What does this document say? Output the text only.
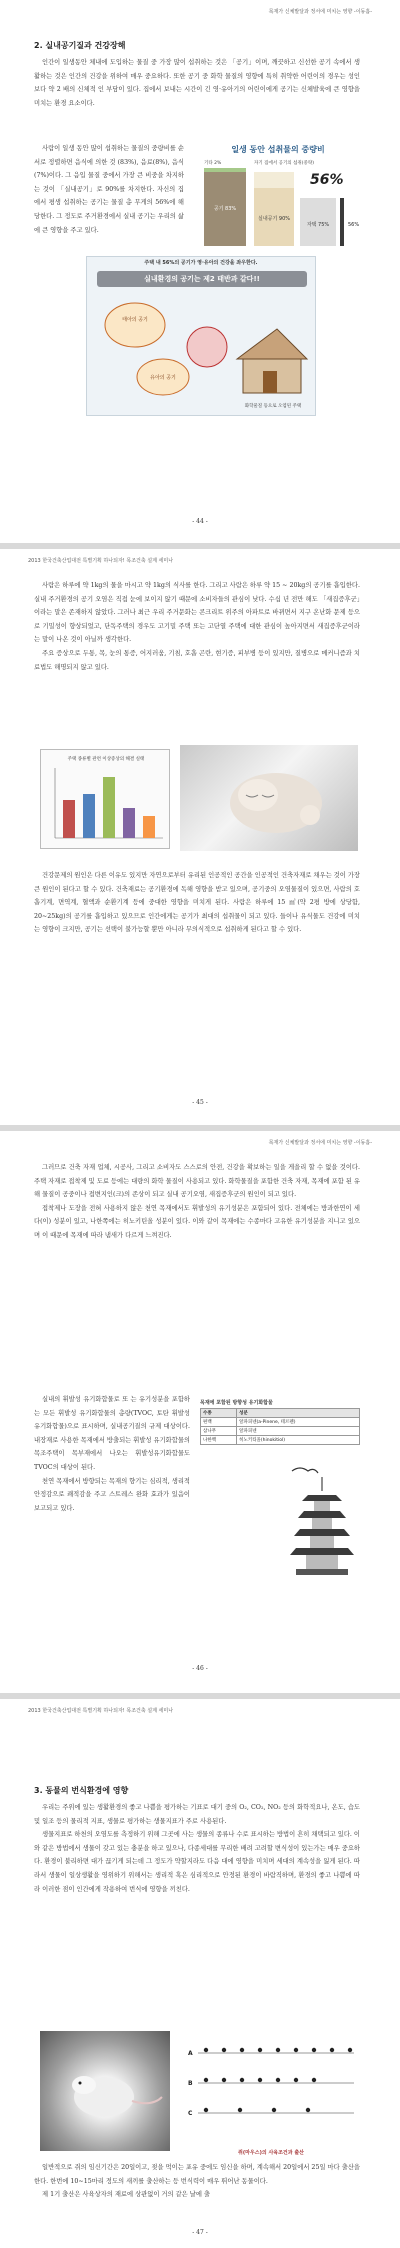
목재가 신체발달과 정서에 미치는 영향 -이동흡-
2. 실내공기질과 건강장해

인간이 일생동안 체내에 도입하는 물질 중 가장 많이 섭취하는 것은 「공기」이며, 깨끗하고 신선한 공기 속에서 생활하는 것은 인간의 건강을 위하여 매우 중요하다. 또한 공기 중 화학 물질의 영향에 특히 취약한 어린이의 경우는 성인보다 약 2 배의 신체적 인 부담이 있다. 집에서 보내는 시간이 긴 영·유아기의 어린이에게 공기는 신체발육에 큰 영향을 미치는 환경 요소이다.

사람이 일생 동안 많이 섭취하는 물질의 중량비를 순서로 정렬하면 음식에 의한 것 (83%), 음료(8%), 음식(7%)이다. 그 음입 물질 중에서 가장 큰 비중을 차지하는 것이 「실내공기」로 90%를 차지한다. 자신의 집에서 평생 섭취하는 공기는 물질 총 무게의 56%에 해당한다. 그 정도로 주거환경에서 실내 공기는 우리의 삶에 큰 영향을 주고 있다.

일생 동안 섭취물의 중량비
기타 2%	자기 집에서 공기의 섭취(중략)
56%
공기 83%
실내공기 90%
자택 75%	56%
주택 내 56%의 공기가 영·유아의 건강을 좌우한다.
실내환경의 공기는 제2 태반과 같다!!
태아의 공기
유아의 공기
화학물질 등으로 오염된 주택
- 44 -
2013 한국건축산업대전 특별기획 하나되자! 목조건축 설계 세미나

사람은 하루에 약 1kg의 물을 마시고 약 1kg의 식사를 한다. 그리고 사람은 하루 약 15 ~ 20kg의 공기를 흡입한다. 실내 주거환경의 공기 오염은 직접 눈에 보이지 않기 때문에 소비자들의 관심이 낮다. 수십 년 전만 해도 「새집증후군」이라는 말은 존재하지 않았다. 그러나 최근 우리 주거문화는 콘크리트 위주의 아파트로 바뀌면서 지구 온난화 문제 등으로 기밀성이 향상되었고, 단독주택의 경우도 고기밀 주택 또는 고단열 주택에 대한 관심이 높아지면서 새집증후군이라는 말이 나온 것이 아닐까 생각한다.

주요 증상으로 두통, 목, 눈의 통증, 어지러움, 기침, 호흡 곤란, 현기증, 피부병 등이 있지만, 질병으로 메커니즘과 치료법도 해명되지 않고 있다.

주택 종류별 관련 이상증상의 해결 실태

건강문제의 원인은 다른 이유도 있지만 자연으로부터 유리된 인공적인 공간을 인공적인 건축자재로 채우는 것이 가장 큰 원인이 된다고 할 수 있다. 건축재료는 공기환경에 독해 영향을 받고 있으며, 공기중의 오염물질이 있으면, 사람의 호흡기계, 면역계, 혈액과 순환기계 등에 중대한 영향을 미치게 된다. 사람은 하루에 15 ㎥(약 2평 방에 상당함, 20~25kg)의 공기를 흡입하고 있으므로 인간에게는 공기가 최대의 섭취물이 되고 있다. 들이나 유식물도 건강에 미치는 영향이 크지만, 공기는 선택이 불가능할 뿐만 아니라 무의식적으로 섭취하게 된다고 할 수 있다.

- 45 -
목재가 신체발달과 정서에 미치는 영향 -이동흡-

그러므로 건축 자재 업체, 시공사, 그리고 소비자도 스스로의 안전, 건강을 확보하는 일을 게을리 할 수 없을 것이다. 주택 자재로 접착제 및 도료 등에는 대량의 화학 물질이 사용되고 있다. 화학물질을 포함한 건축 자재, 목재에 포함 된 유해 물질이 공중이나 접변지인(크)의 존상이 되고 실내 공기오염, 새집증후군의 원인이 되고 있다.

접착제나 도장을 전혀 사용하지 않은 천연 목재에서도 휘발성의 유기성분은 포함되어 있다. 전체에는 방과한연이 세다(이) 성분이 있고, 나한쪽에는 히노키틴올 성분이 있다. 이와 같이 목재에는 수종마다 고유한 유기성분을 지니고 있으며 이 때문에 목재에 따라 냄새가 다르게 느껴진다.

실내의 휘발성 유기화합물로 또 는 유기성분을 포함하는 모든 휘발성 유기화합물의 총량(TVOC, 토탄 휘발성 유기화합물)으로 표시하며, 실내공기질의 규제 대상이다. 내장재로 사용한 목재에서 방출되는 휘발성 유기화합물의 목조주택이 목부재에서 나오는 휘발성유기화합물도 TVOC의 대상이 된다.

천연 목재에서 방향되는 목재의 향기는 심리적, 생리적 안정감으로 쾌적감을 주고 스트레스 완화 효과가 있음이 보고되고 있다.

목재에 포함된 방향성 유기화합물
수종	성분
편백	알파피넨(a-Pinene, 테르펜)
삼나무	알파피넨
나한백	히노키티올(hinokitiol)
- 46 -
2013 한국건축산업대전 특별기획 하나되자! 목조건축 설계 세미나
3. 동물의 번식환경에 영향

우리는 주위에 있는 생활환경의 좋고 나쁨을 평가하는 기표로 대기 중의 O₂, CO₂, NO₂ 등의 화학적요나, 온도, 습도 및 일조 등의 물리적 지표, 생물로 평가하는 생물지표가 주로 사용된다.

생물지표로 하천의 오염도를 측정하기 위해 그곳에 사는 생물의 종류나 수로 표시하는 방법이 흔히 채택되고 있다. 이와 같은 방법에서 생물이 갖고 있는 충분을 하고 있으나, 다종세대를 무리한 배려 고려할 변식성이 있는가는 매우 중요하다. 환경이 불리하면 대가 끊기게 되는데 그 정도가 약할지라도 다음 대에 영향을 미치며 세대의 계속성을 잃게 된다. 따라서 생물이 일상생활을 영위하기 위해서는 생리적 혹은 심리적으로 안정된 환경이 바람직하며, 환경의 좋고 나쁨에 따라 이러한 점이 인간에게 작용하여 번식에 영향을 끼친다.

A
B
C
쥐(마우스)의 사육조건과 출산

일반적으로 쥐의 임신기간은 20일이고, 젖을 먹이는 포유 중에도 임신을 하며, 계속해서 20일에서 25일 마다 출산을 한다. 한번에 10~15마리 정도의 새끼를 출산하는 등 번식력이 매우 뛰어난 동물이다.

제 1기 출산은 사육상자의 재료에 상관없이 거의 같은 날에 출

- 47 -
